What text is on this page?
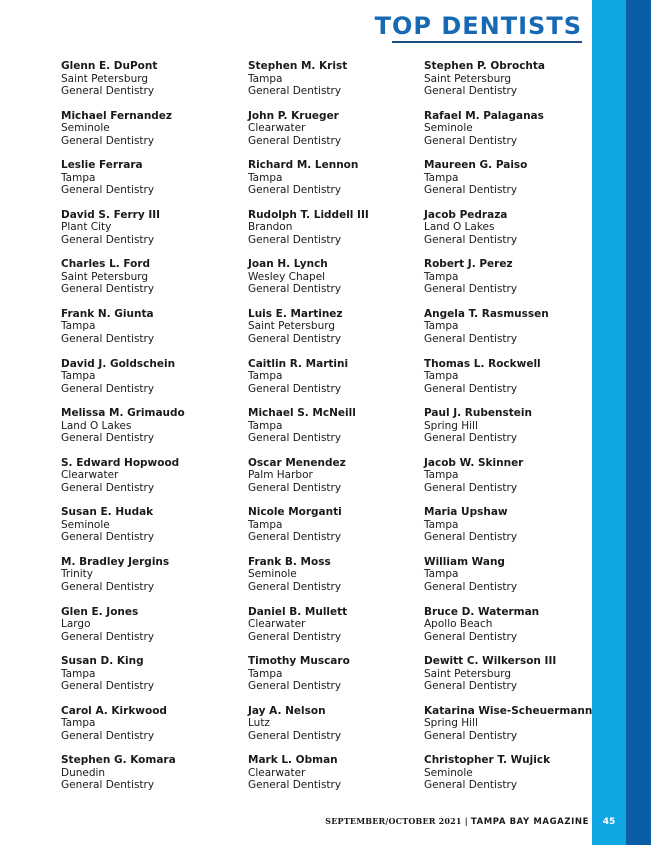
TOP DENTISTS
Glenn E. DuPont
Saint Petersburg
General Dentistry
Michael Fernandez
Seminole
General Dentistry
Leslie Ferrara
Tampa
General Dentistry
David S. Ferry III
Plant City
General Dentistry
Charles L. Ford
Saint Petersburg
General Dentistry
Frank N. Giunta
Tampa
General Dentistry
David J. Goldschein
Tampa
General Dentistry
Melissa M. Grimaudo
Land O Lakes
General Dentistry
S. Edward Hopwood
Clearwater
General Dentistry
Susan E. Hudak
Seminole
General Dentistry
M. Bradley Jergins
Trinity
General Dentistry
Glen E. Jones
Largo
General Dentistry
Susan D. King
Tampa
General Dentistry
Carol A. Kirkwood
Tampa
General Dentistry
Stephen G. Komara
Dunedin
General Dentistry
Stephen M. Krist
Tampa
General Dentistry
John P. Krueger
Clearwater
General Dentistry
Richard M. Lennon
Tampa
General Dentistry
Rudolph T. Liddell III
Brandon
General Dentistry
Joan H. Lynch
Wesley Chapel
General Dentistry
Luis E. Martinez
Saint Petersburg
General Dentistry
Caitlin R. Martini
Tampa
General Dentistry
Michael S. McNeill
Tampa
General Dentistry
Oscar Menendez
Palm Harbor
General Dentistry
Nicole Morganti
Tampa
General Dentistry
Frank B. Moss
Seminole
General Dentistry
Daniel B. Mullett
Clearwater
General Dentistry
Timothy Muscaro
Tampa
General Dentistry
Jay A. Nelson
Lutz
General Dentistry
Mark L. Obman
Clearwater
General Dentistry
Stephen P. Obrochta
Saint Petersburg
General Dentistry
Rafael M. Palaganas
Seminole
General Dentistry
Maureen G. Paiso
Tampa
General Dentistry
Jacob Pedraza
Land O Lakes
General Dentistry
Robert J. Perez
Tampa
General Dentistry
Angela T. Rasmussen
Tampa
General Dentistry
Thomas L. Rockwell
Tampa
General Dentistry
Paul J. Rubenstein
Spring Hill
General Dentistry
Jacob W. Skinner
Tampa
General Dentistry
Maria Upshaw
Tampa
General Dentistry
William Wang
Tampa
General Dentistry
Bruce D. Waterman
Apollo Beach
General Dentistry
Dewitt C. Wilkerson III
Saint Petersburg
General Dentistry
Katarina Wise-Scheuermann
Spring Hill
General Dentistry
Christopher T. Wujick
Seminole
General Dentistry
SEPTEMBER/OCTOBER 2021 | TAMPA BAY MAGAZINE	45
